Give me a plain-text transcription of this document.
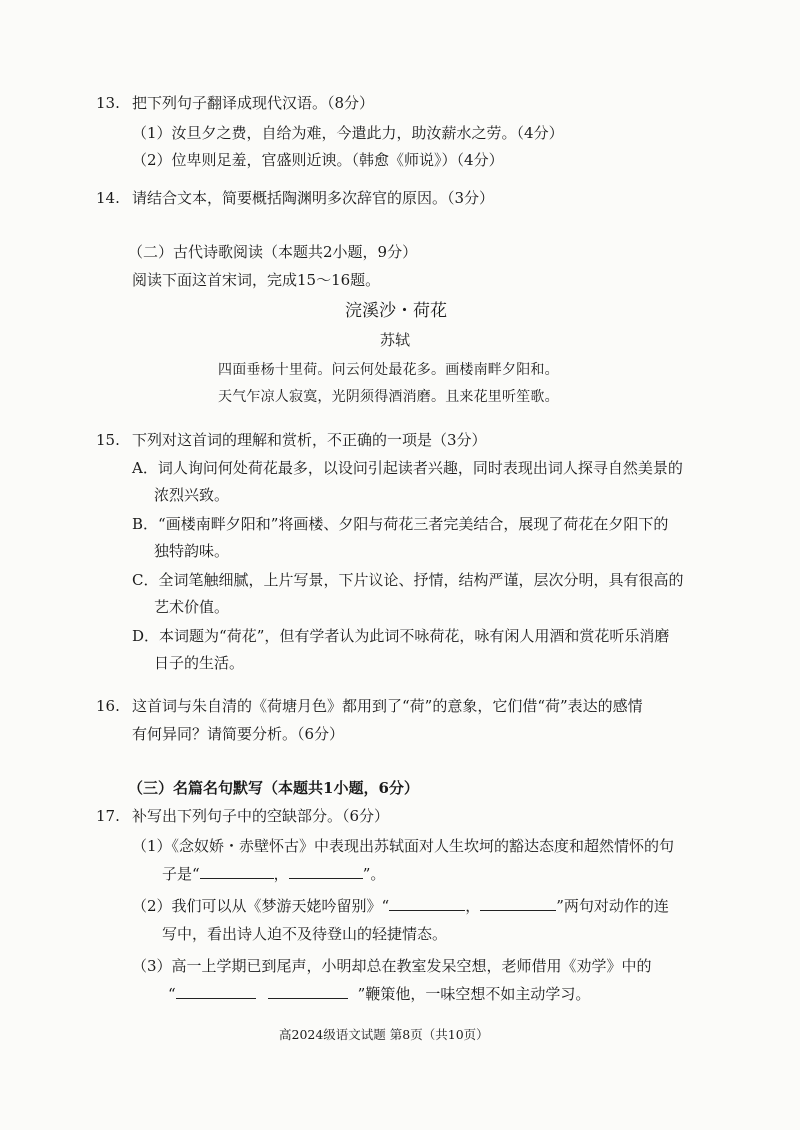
13. 把下列句子翻译成现代汉语。（8分）
（1）汝旦夕之费，自给为难，今遣此力，助汝薪水之劳。（4分）
（2）位卑则足羞，官盛则近谀。（韩愈《师说》）（4分）
14. 请结合文本，简要概括陶渊明多次辞官的原因。（3分）
（二）古代诗歌阅读（本题共2小题，9分）
阅读下面这首宋词，完成15～16题。
浣溪沙・荷花
苏轼
四面垂杨十里荷。问云何处最花多。画楼南畔夕阳和。
天气乍凉人寂寞，光阴须得酒消磨。且来花里听笙歌。
15. 下列对这首词的理解和赏析，不正确的一项是（3分）
A．词人询问何处荷花最多，以设问引起读者兴趣，同时表现出词人探寻自然美景的
浓烈兴致。
B．“画楼南畔夕阳和”将画楼、夕阳与荷花三者完美结合，展现了荷花在夕阳下的
独特韵味。
C．全词笔触细腻，上片写景，下片议论、抒情，结构严谨，层次分明，具有很高的
艺术价值。
D．本词题为“荷花”，但有学者认为此词不咏荷花，咏有闲人用酒和赏花听乐消磨
日子的生活。
16. 这首词与朱自清的《荷塘月色》都用到了“荷”的意象，它们借“荷”表达的感情
有何异同？请简要分析。（6分）
（三）名篇名句默写（本题共1小题，6分）
17. 补写出下列句子中的空缺部分。（6分）
（1）《念奴娇・赤壁怀古》中表现出苏轼面对人生坎坷的豁达态度和超然情怀的句
子是“	，	”。
（2）我们可以从《梦游天姥吟留别》“	，	”两句对动作的连
写中，看出诗人迫不及待登山的轻捷情态。
（3）高一上学期已到尾声，小明却总在教室发呆空想，老师借用《劝学》中的
“	”鞭策他，一味空想不如主动学习。
高2024级语文试题 第8页（共10页）
